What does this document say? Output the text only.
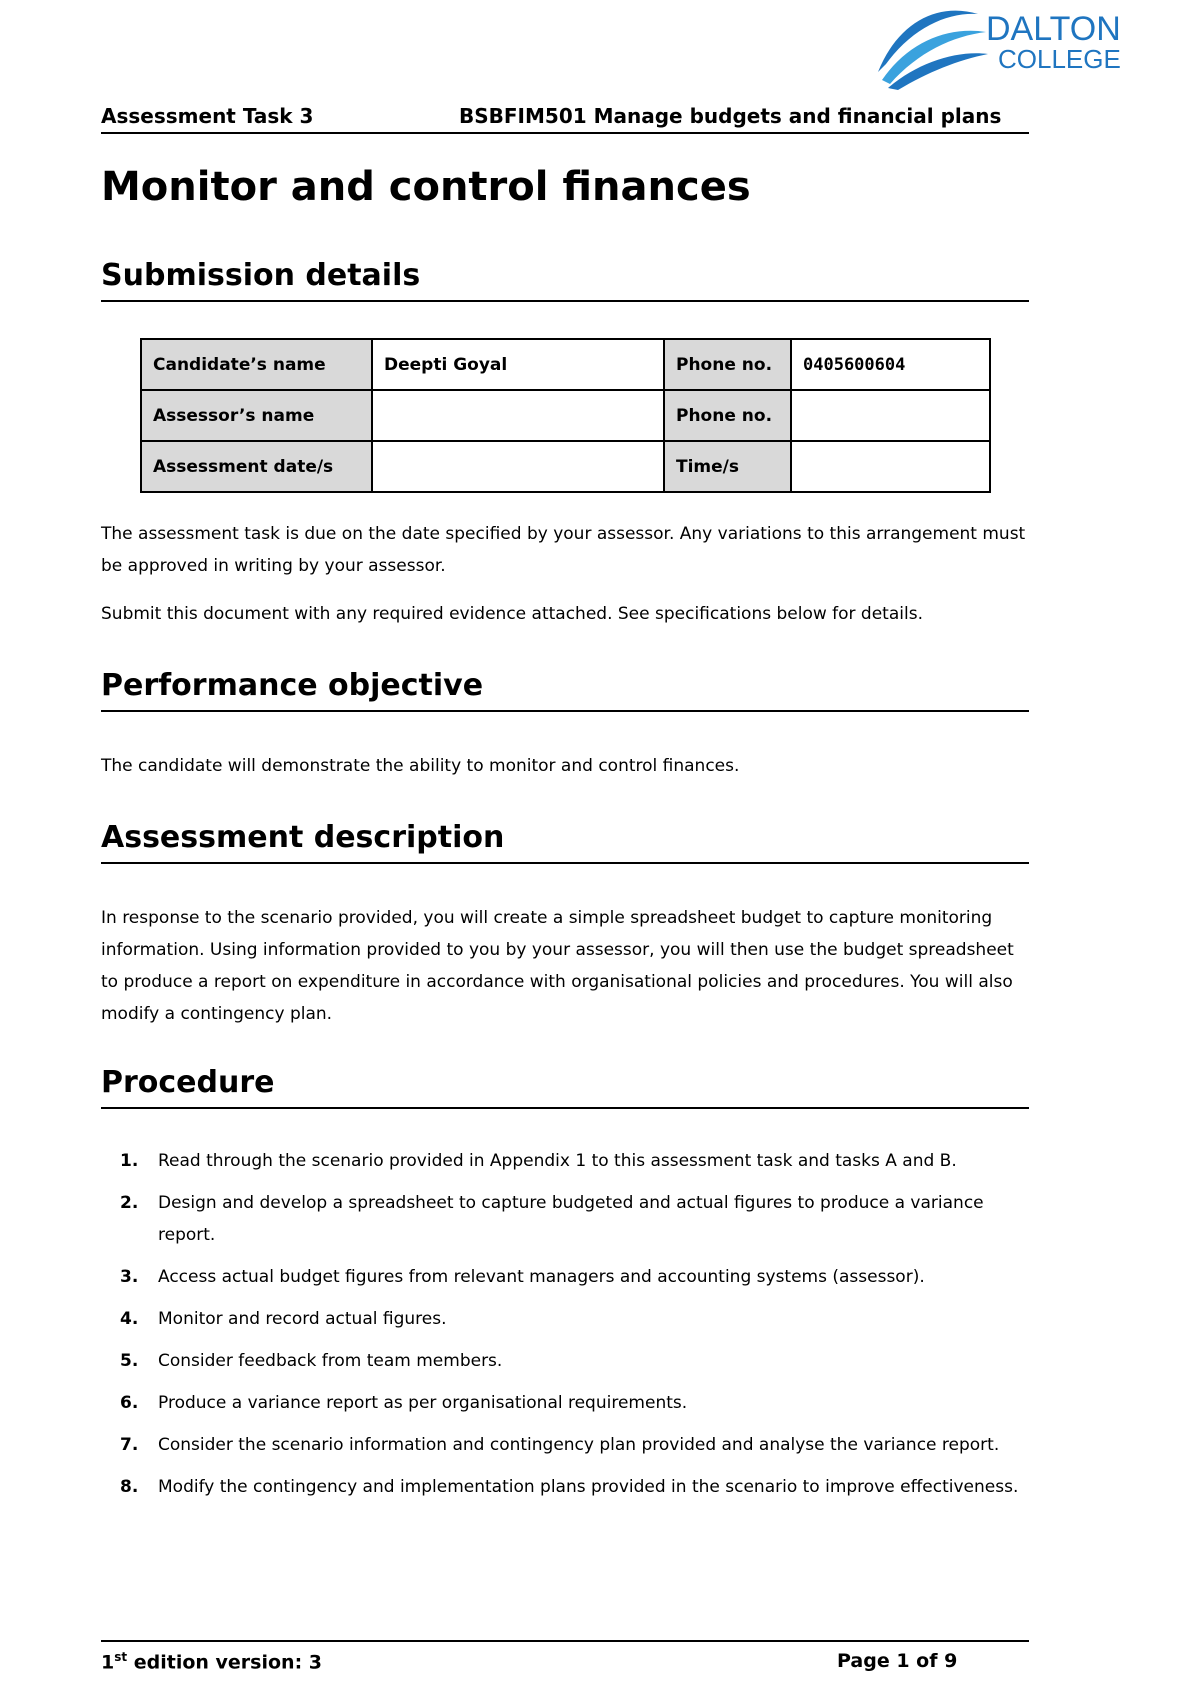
DALTON
COLLEGE
Assessment Task 3	BSBFIM501 Manage budgets and financial plans
Monitor and control finances
Submission details
Candidate’s name	Deepti Goyal	Phone no.	0405600604
Assessor’s name		Phone no.	
Assessment date/s		Time/s	

The assessment task is due on the date specified by your assessor. Any variations to this arrangement must be approved in writing by your assessor.

Submit this document with any required evidence attached. See specifications below for details.

Performance objective

The candidate will demonstrate the ability to monitor and control finances.

Assessment description

In response to the scenario provided, you will create a simple spreadsheet budget to capture monitoring information. Using information provided to you by your assessor, you will then use the budget spreadsheet to produce a report on expenditure in accordance with organisational policies and procedures. You will also modify a contingency plan.

Procedure
1. Read through the scenario provided in Appendix 1 to this assessment task and tasks A and B.
2. Design and develop a spreadsheet to capture budgeted and actual figures to produce a variance report.
3. Access actual budget figures from relevant managers and accounting systems (assessor).
4. Monitor and record actual figures.
5. Consider feedback from team members.
6. Produce a variance report as per organisational requirements.
7. Consider the scenario information and contingency plan provided and analyse the variance report.
8. Modify the contingency and implementation plans provided in the scenario to improve effectiveness.
1st edition version: 3	Page 1 of 9
